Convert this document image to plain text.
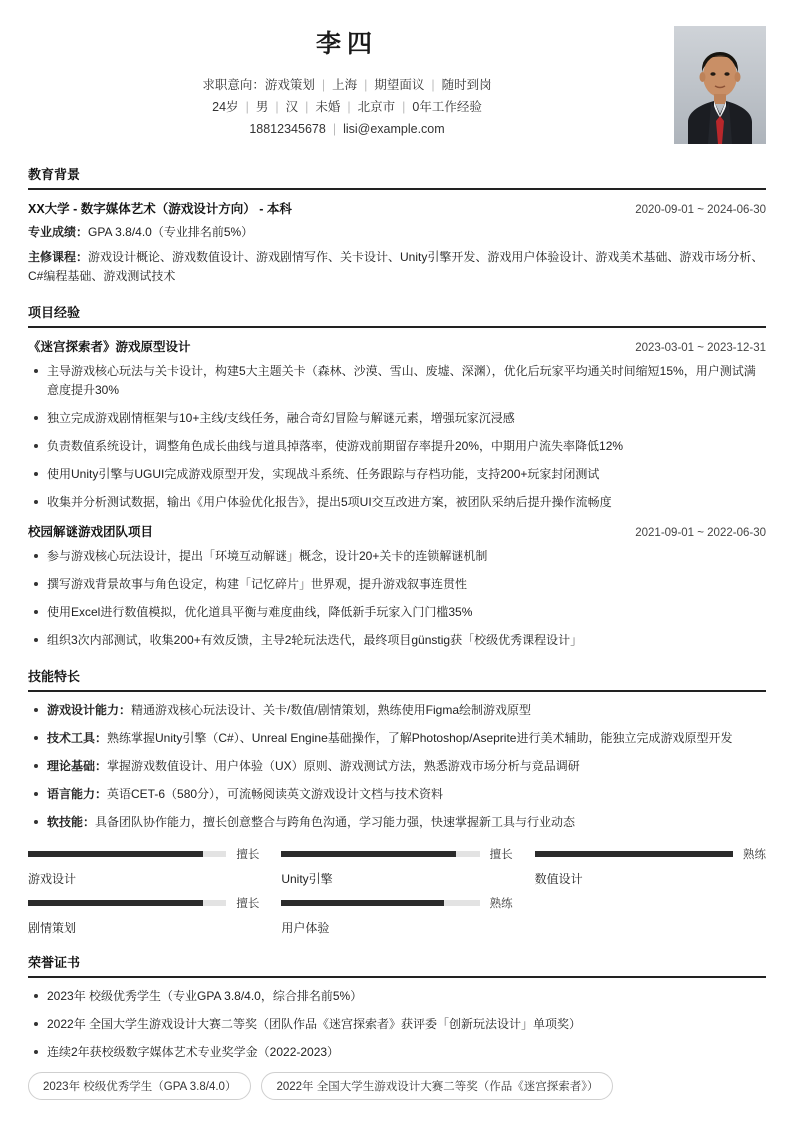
李四
求职意向：游戏策划 | 上海 | 期望面议 | 随时到岗
24岁 | 男 | 汉 | 未婚 | 北京市 | 0年工作经验
18812345678 | lisi@example.com
教育背景
XX大学 - 数字媒体艺术（游戏设计方向） - 本科	2020-09-01 ~ 2024-06-30
专业成绩：GPA 3.8/4.0（专业排名前5%）
主修课程：游戏设计概论、游戏数值设计、游戏剧情写作、关卡设计、Unity引擎开发、游戏用户体验设计、游戏美术基础、游戏市场分析、C#编程基础、游戏测试技术
项目经验
《迷宫探索者》游戏原型设计	2023-03-01 ~ 2023-12-31
主导游戏核心玩法与关卡设计，构建5大主题关卡（森林、沙漠、雪山、废墟、深渊），优化后玩家平均通关时间缩短15%，用户测试满意度提升30%
独立完成游戏剧情框架与10+主线/支线任务，融合奇幻冒险与解谜元素，增强玩家沉浸感
负责数值系统设计，调整角色成长曲线与道具掉落率，使游戏前期留存率提升20%，中期用户流失率降低12%
使用Unity引擎与UGUI完成游戏原型开发，实现战斗系统、任务跟踪与存档功能，支持200+玩家封闭测试
收集并分析测试数据，输出《用户体验优化报告》，提出5项UI交互改进方案，被团队采纳后提升操作流畅度
校园解谜游戏团队项目	2021-09-01 ~ 2022-06-30
参与游戏核心玩法设计，提出「环境互动解谜」概念，设计20+关卡的连锁解谜机制
撰写游戏背景故事与角色设定，构建「记忆碎片」世界观，提升游戏叙事连贯性
使用Excel进行数值模拟，优化道具平衡与难度曲线，降低新手玩家入门门槛35%
组织3次内部测试，收集200+有效反馈，主导2轮玩法迭代，最终项目günstig获「校级优秀课程设计」
技能特长
游戏设计能力：精通游戏核心玩法设计、关卡/数值/剧情策划，熟练使用Figma绘制游戏原型
技术工具：熟练掌握Unity引擎（C#）、Unreal Engine基础操作，了解Photoshop/Aseprite进行美术辅助，能独立完成游戏原型开发
理论基础：掌握游戏数值设计、用户体验（UX）原则、游戏测试方法，熟悉游戏市场分析与竞品调研
语言能力：英语CET-6（580分），可流畅阅读英文游戏设计文档与技术资料
软技能：具备团队协作能力，擅长创意整合与跨角色沟通，学习能力强，快速掌握新工具与行业动态
擅长
游戏设计
擅长
Unity引擎
熟练
数值设计
擅长
剧情策划
熟练
用户体验
荣誉证书
2023年 校级优秀学生（专业GPA 3.8/4.0，综合排名前5%）
2022年 全国大学生游戏设计大赛二等奖（团队作品《迷宫探索者》获评委「创新玩法设计」单项奖）
连续2年获校级数字媒体艺术专业奖学金（2022-2023）
2023年 校级优秀学生（GPA 3.8/4.0）	2022年 全国大学生游戏设计大赛二等奖（作品《迷宫探索者》）
